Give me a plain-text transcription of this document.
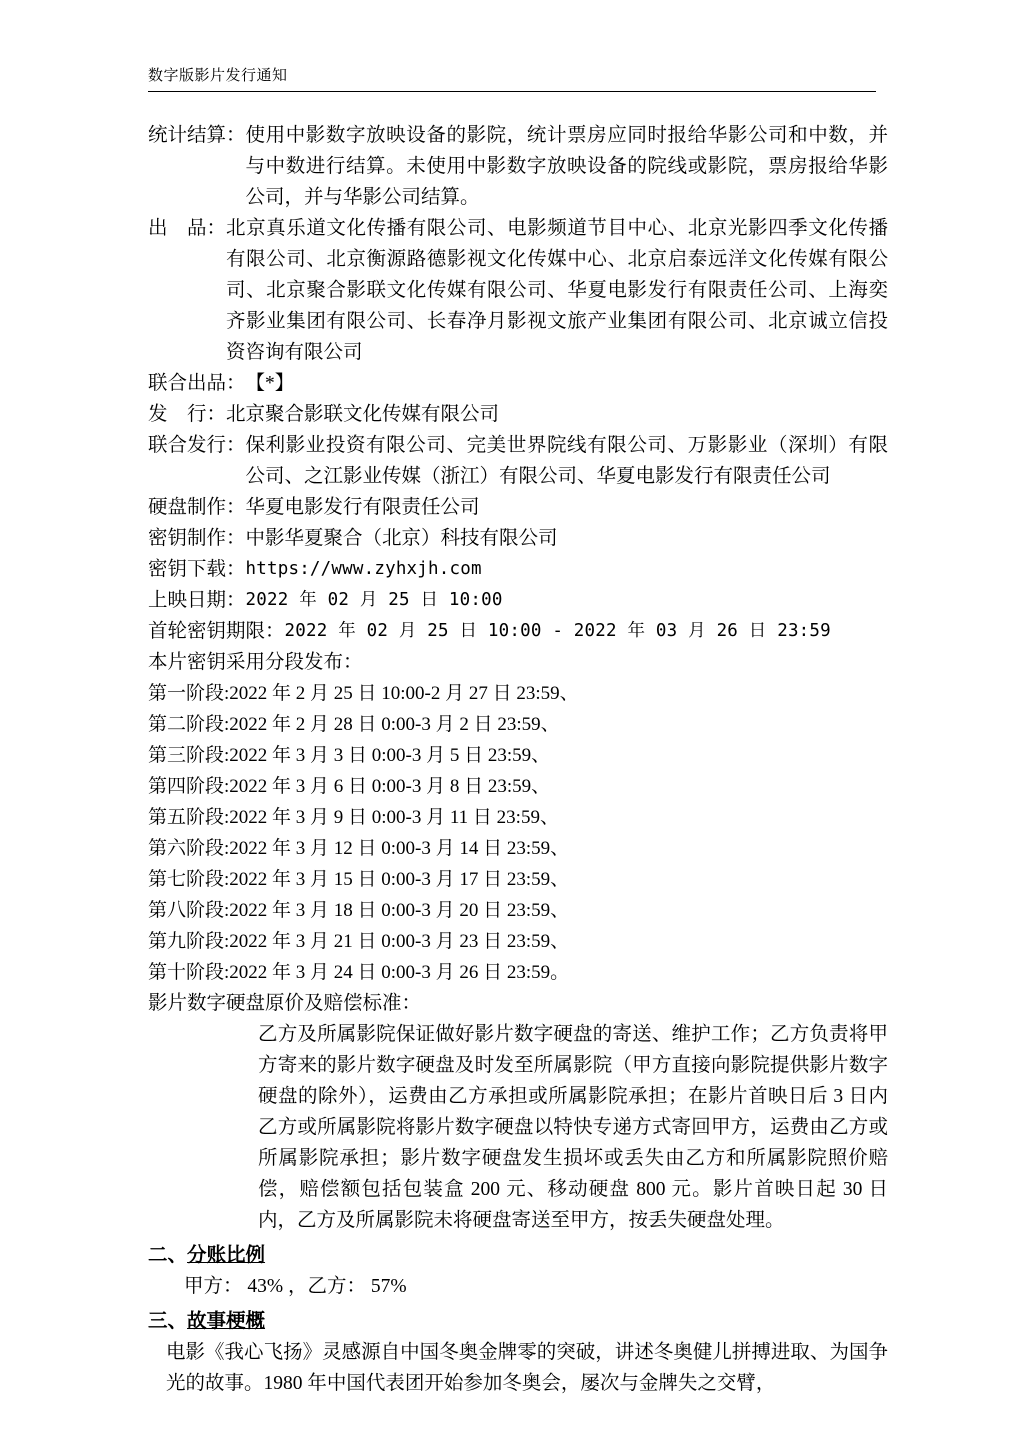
数字版影片发行通知
统计结算： 使用中影数字放映设备的影院，统计票房应同时报给华影公司和中数，并与中数进行结算。未使用中影数字放映设备的院线或影院，票房报给华影公司，并与华影公司结算。
出　品： 北京真乐道文化传播有限公司、电影频道节目中心、北京光影四季文化传播有限公司、北京衡源路德影视文化传媒中心、北京启泰远洋文化传媒有限公司、北京聚合影联文化传媒有限公司、华夏电影发行有限责任公司、上海奕齐影业集团有限公司、长春净月影视文旅产业集团有限公司、北京诚立信投资咨询有限公司
联合出品： 【*】
发　行： 北京聚合影联文化传媒有限公司
联合发行： 保利影业投资有限公司、完美世界院线有限公司、万影影业（深圳）有限公司、之江影业传媒（浙江）有限公司、华夏电影发行有限责任公司
硬盘制作： 华夏电影发行有限责任公司
密钥制作： 中影华夏聚合（北京）科技有限公司
密钥下载： https://www.zyhxjh.com
上映日期： 2022 年 02 月 25 日 10:00
首轮密钥期限： 2022 年 02 月 25 日 10:00 - 2022 年 03 月 26 日 23:59
本片密钥采用分段发布：
第一阶段:2022 年 2 月 25 日 10:00-2 月 27 日 23:59、
第二阶段:2022 年 2 月 28 日 0:00-3 月 2 日 23:59、
第三阶段:2022 年 3 月 3 日 0:00-3 月 5 日 23:59、
第四阶段:2022 年 3 月 6 日 0:00-3 月 8 日 23:59、
第五阶段:2022 年 3 月 9 日 0:00-3 月 11 日 23:59、
第六阶段:2022 年 3 月 12 日 0:00-3 月 14 日 23:59、
第七阶段:2022 年 3 月 15 日 0:00-3 月 17 日 23:59、
第八阶段:2022 年 3 月 18 日 0:00-3 月 20 日 23:59、
第九阶段:2022 年 3 月 21 日 0:00-3 月 23 日 23:59、
第十阶段:2022 年 3 月 24 日 0:00-3 月 26 日 23:59。
影片数字硬盘原价及赔偿标准：
乙方及所属影院保证做好影片数字硬盘的寄送、维护工作；乙方负责将甲方寄来的影片数字硬盘及时发至所属影院（甲方直接向影院提供影片数字硬盘的除外），运费由乙方承担或所属影院承担；在影片首映日后 3 日内乙方或所属影院将影片数字硬盘以特快专递方式寄回甲方，运费由乙方或所属影院承担；影片数字硬盘发生损坏或丢失由乙方和所属影院照价赔偿，赔偿额包括包装盒 200 元、移动硬盘 800 元。影片首映日起 30 日内，乙方及所属影院未将硬盘寄送至甲方，按丢失硬盘处理。
二、分账比例
甲方： 43% ，乙方： 57%
三、故事梗概
电影《我心飞扬》灵感源自中国冬奥金牌零的突破，讲述冬奥健儿拼搏进取、为国争光的故事。1980 年中国代表团开始参加冬奥会，屡次与金牌失之交臂，
